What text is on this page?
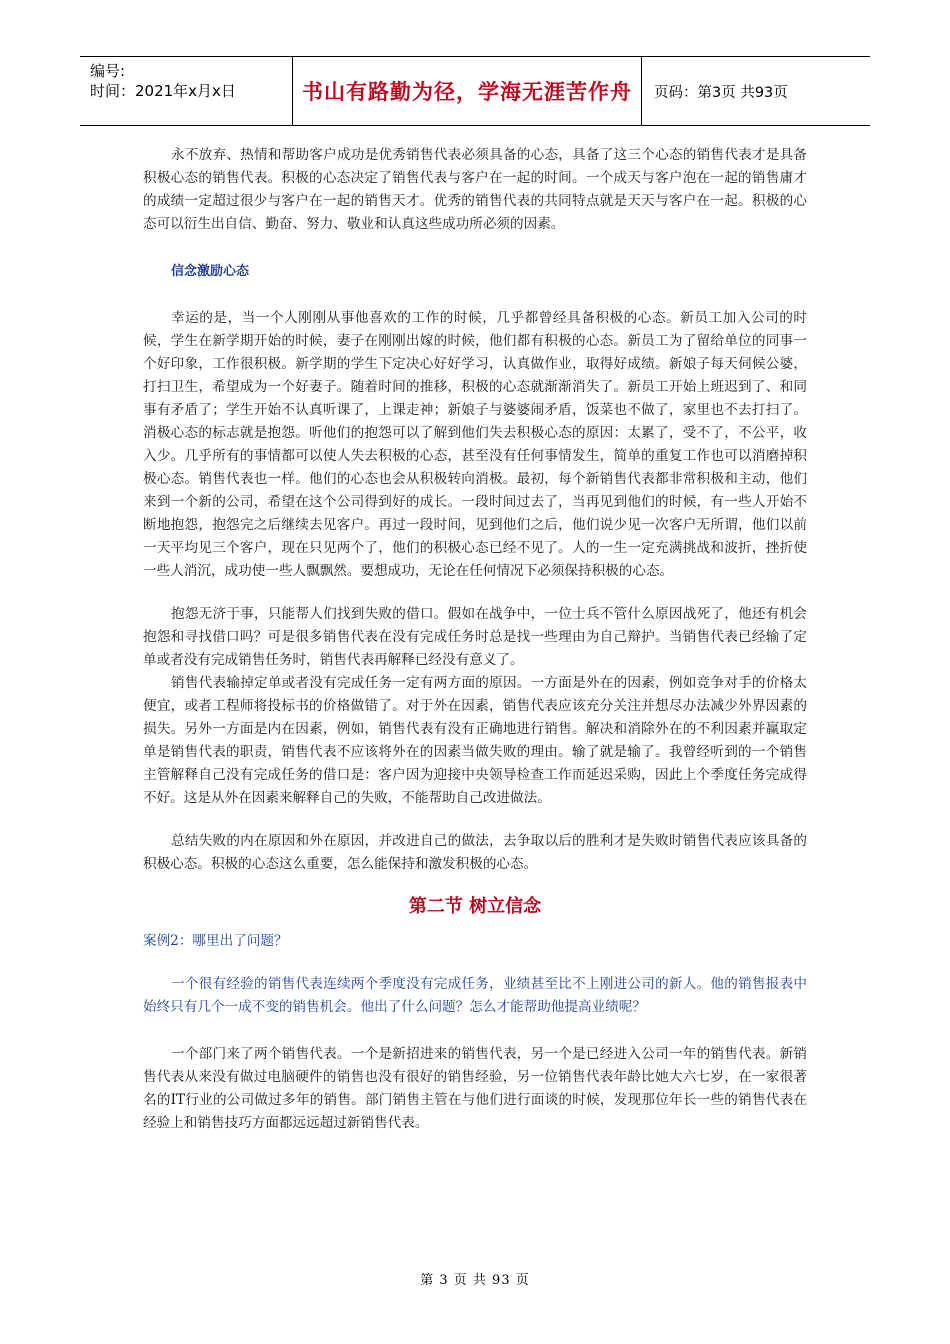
编号:
时间：2021年x月x日	书山有路勤为径，学海无涯苦作舟	页码：第3页 共93页

永不放弃、热情和帮助客户成功是优秀销售代表必须具备的心态，具备了这三个心态的销售代表才是具备积极心态的销售代表。积极的心态决定了销售代表与客户在一起的时间。一个成天与客户泡在一起的销售庸才的成绩一定超过很少与客户在一起的销售天才。优秀的销售代表的共同特点就是天天与客户在一起。积极的心态可以衍生出自信、勤奋、努力、敬业和认真这些成功所必须的因素。

信念激励心态

幸运的是，当一个人刚刚从事他喜欢的工作的时候，几乎都曾经具备积极的心态。新员工加入公司的时候，学生在新学期开始的时候，妻子在刚刚出嫁的时候，他们都有积极的心态。新员工为了留给单位的同事一个好印象，工作很积极。新学期的学生下定决心好好学习，认真做作业，取得好成绩。新娘子每天伺候公婆，打扫卫生，希望成为一个好妻子。随着时间的推移，积极的心态就渐渐消失了。新员工开始上班迟到了、和同事有矛盾了；学生开始不认真听课了，上课走神；新娘子与婆婆闹矛盾，饭菜也不做了，家里也不去打扫了。消极心态的标志就是抱怨。听他们的抱怨可以了解到他们失去积极心态的原因：太累了，受不了，不公平，收入少。几乎所有的事情都可以使人失去积极的心态，甚至没有任何事情发生，简单的重复工作也可以消磨掉积极心态。销售代表也一样。他们的心态也会从积极转向消极。最初，每个新销售代表都非常积极和主动，他们来到一个新的公司，希望在这个公司得到好的成长。一段时间过去了，当再见到他们的时候，有一些人开始不断地抱怨，抱怨完之后继续去见客户。再过一段时间，见到他们之后，他们说少见一次客户无所谓，他们以前一天平均见三个客户，现在只见两个了，他们的积极心态已经不见了。人的一生一定充满挑战和波折，挫折使一些人消沉，成功使一些人飘飘然。要想成功，无论在任何情况下必须保持积极的心态。

抱怨无济于事，只能帮人们找到失败的借口。假如在战争中，一位士兵不管什么原因战死了，他还有机会抱怨和寻找借口吗？可是很多销售代表在没有完成任务时总是找一些理由为自己辩护。当销售代表已经输了定单或者没有完成销售任务时，销售代表再解释已经没有意义了。

销售代表输掉定单或者没有完成任务一定有两方面的原因。一方面是外在的因素，例如竞争对手的价格太便宜，或者工程师将投标书的价格做错了。对于外在因素，销售代表应该充分关注并想尽办法减少外界因素的损失。另外一方面是内在因素，例如，销售代表有没有正确地进行销售。解决和消除外在的不利因素并赢取定单是销售代表的职责，销售代表不应该将外在的因素当做失败的理由。输了就是输了。我曾经听到的一个销售主管解释自己没有完成任务的借口是：客户因为迎接中央领导检查工作而延迟采购，因此上个季度任务完成得不好。这是从外在因素来解释自己的失败，不能帮助自己改进做法。

总结失败的内在原因和外在原因，并改进自己的做法，去争取以后的胜利才是失败时销售代表应该具备的积极心态。积极的心态这么重要，怎么能保持和激发积极的心态。

第二节 树立信念

案例2：哪里出了问题？

一个很有经验的销售代表连续两个季度没有完成任务，业绩甚至比不上刚进公司的新人。他的销售报表中始终只有几个一成不变的销售机会。他出了什么问题？怎么才能帮助他提高业绩呢？

一个部门来了两个销售代表。一个是新招进来的销售代表，另一个是已经进入公司一年的销售代表。新销售代表从来没有做过电脑硬件的销售也没有很好的销售经验，另一位销售代表年龄比她大六七岁，在一家很著名的IT行业的公司做过多年的销售。部门销售主管在与他们进行面谈的时候，发现那位年长一些的销售代表在经验上和销售技巧方面都远远超过新销售代表。

第 3 页 共 93 页
